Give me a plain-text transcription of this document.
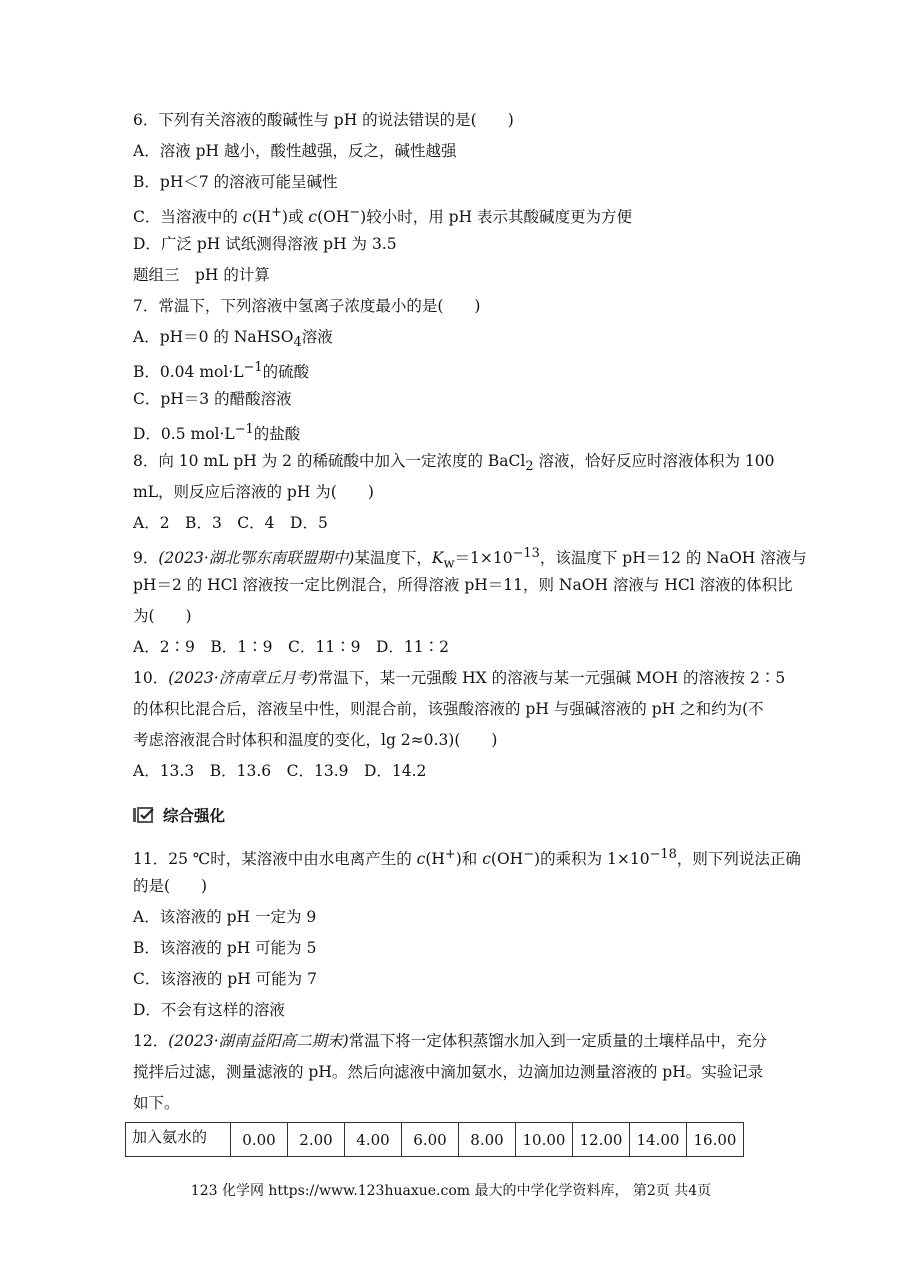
6．下列有关溶液的酸碱性与 pH 的说法错误的是(　　)
A．溶液 pH 越小，酸性越强，反之，碱性越强
B．pH＜7 的溶液可能呈碱性
C．当溶液中的 c(H+)或 c(OH−)较小时，用 pH 表示其酸碱度更为方便
D．广泛 pH 试纸测得溶液 pH 为 3.5
题组三　pH 的计算
7．常温下，下列溶液中氢离子浓度最小的是(　　)
A．pH＝0 的 NaHSO$_4$溶液
B．0.04 $mol\cdot L^{-1}$的硫酸
C．pH＝3 的醋酸溶液
D．0.5 $mol\cdot L^{-1}$的盐酸
8．向 10 mL pH 为 2 的稀硫酸中加入一定浓度的 BaCl$_2$ 溶液，恰好反应时溶液体积为 100
mL，则反应后溶液的 pH 为(　　)
A．2　B．3　C．4　D．5
9．(2023·湖北鄂东南联盟期中)某温度下，$K_w=1\times 10^{-13}$，该温度下 pH＝12 的 NaOH 溶液与
pH＝2 的 HCl 溶液按一定比例混合，所得溶液 pH＝11，则 NaOH 溶液与 HCl 溶液的体积比
为(　　)
A．2∶9　B．1∶9　C．11∶9　D．11∶2
10．(2023·济南章丘月考)常温下，某一元强酸 HX 的溶液与某一元强碱 MOH 的溶液按 2∶5
的体积比混合后，溶液呈中性，则混合前，该强酸溶液的 pH 与强碱溶液的 pH 之和约为(不
考虑溶液混合时体积和温度的变化，lg 2≈0.3)(　　)
A．13.3　B．13.6　C．13.9　D．14.2
综合强化
11．25 ℃时，某溶液中由水电离产生的 c(H+)和 c(OH−)的乘积为 $1\times 10^{-18}$，则下列说法正确
的是(　　)
A．该溶液的 pH 一定为 9
B．该溶液的 pH 可能为 5
C．该溶液的 pH 可能为 7
D．不会有这样的溶液
12．(2023·湖南益阳高二期末)常温下将一定体积蒸馏水加入到一定质量的土壤样品中，充分
搅拌后过滤，测量滤液的 pH。然后向滤液中滴加氨水，边滴加边测量溶液的 pH。实验记录
如下。
加入氨水的	0.00	2.00	4.00	6.00	8.00	10.00	12.00	14.00	16.00
123 化学网 https://www.123huaxue.com 最大的中学化学资料库， 第2页 共4页
